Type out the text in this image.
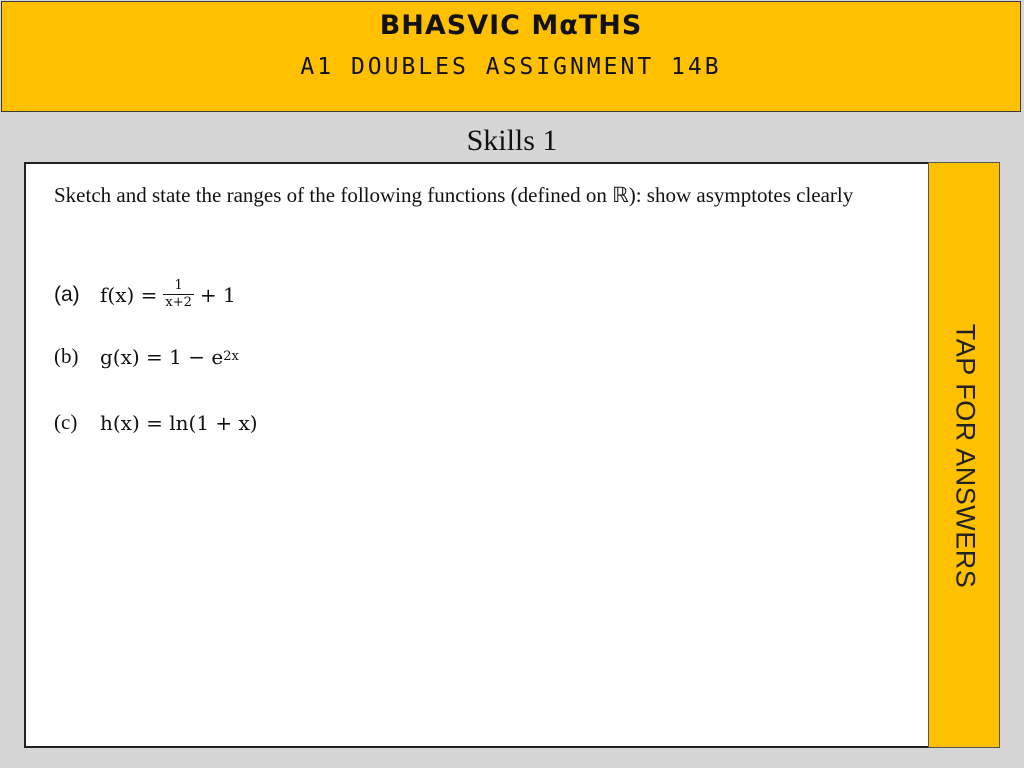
BHASVIC MαTHS
A1 DOUBLES ASSIGNMENT 14B
Skills 1
Sketch and state the ranges of the following functions (defined on ℝ): show asymptotes clearly
(a)	$f(x) = \frac{1}{x+2} + 1$
(b)	g(x) = 1 − e 2x
(c)	h(x) = ln(1 + x)	TAP FOR ANSWERS
